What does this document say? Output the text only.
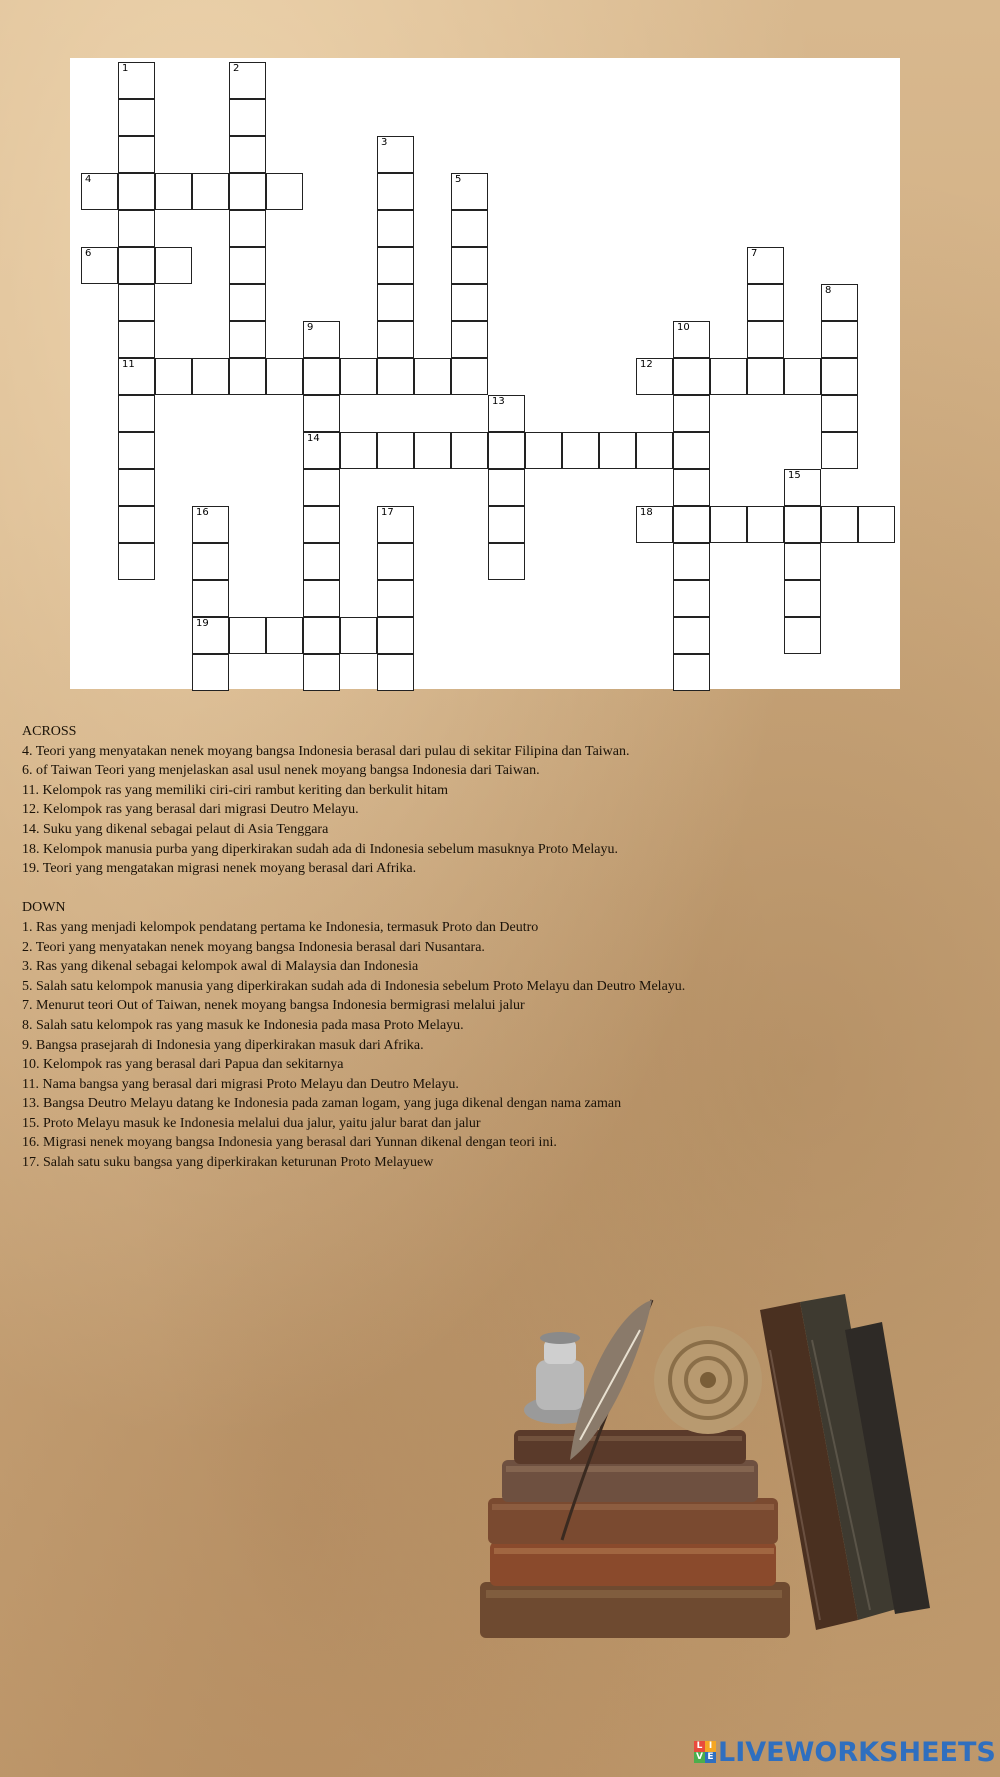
1	2
3
5
4
6	7
8
9
14
10
11	12
13
15
16
19
17	18

ACROSS

4. Teori yang menyatakan nenek moyang bangsa Indonesia berasal dari pulau di sekitar Filipina dan Taiwan.

6. of Taiwan Teori yang menjelaskan asal usul nenek moyang bangsa Indonesia dari Taiwan.

11. Kelompok ras yang memiliki ciri-ciri rambut keriting dan berkulit hitam

12. Kelompok ras yang berasal dari migrasi Deutro Melayu.

14. Suku yang dikenal sebagai pelaut di Asia Tenggara

18. Kelompok manusia purba yang diperkirakan sudah ada di Indonesia sebelum masuknya Proto Melayu.

19. Teori yang mengatakan migrasi nenek moyang berasal dari Afrika.

DOWN

1. Ras yang menjadi kelompok pendatang pertama ke Indonesia, termasuk Proto dan Deutro

2. Teori yang menyatakan nenek moyang bangsa Indonesia berasal dari Nusantara.

3. Ras yang dikenal sebagai kelompok awal di Malaysia dan Indonesia

5. Salah satu kelompok manusia yang diperkirakan sudah ada di Indonesia sebelum Proto Melayu dan Deutro Melayu.

7. Menurut teori Out of Taiwan, nenek moyang bangsa Indonesia bermigrasi melalui jalur

8. Salah satu kelompok ras yang masuk ke Indonesia pada masa Proto Melayu.

9. Bangsa prasejarah di Indonesia yang diperkirakan masuk dari Afrika.

10. Kelompok ras yang berasal dari Papua dan sekitarnya

11. Nama bangsa yang berasal dari migrasi Proto Melayu dan Deutro Melayu.

13. Bangsa Deutro Melayu datang ke Indonesia pada zaman logam, yang juga dikenal dengan nama zaman

15. Proto Melayu masuk ke Indonesia melalui dua jalur, yaitu jalur barat dan jalur

16. Migrasi nenek moyang bangsa Indonesia yang berasal dari Yunnan dikenal dengan teori ini.

17. Salah satu suku bangsa yang diperkirakan keturunan Proto Melayuew

L I
V E LIVEWORKSHEETS
